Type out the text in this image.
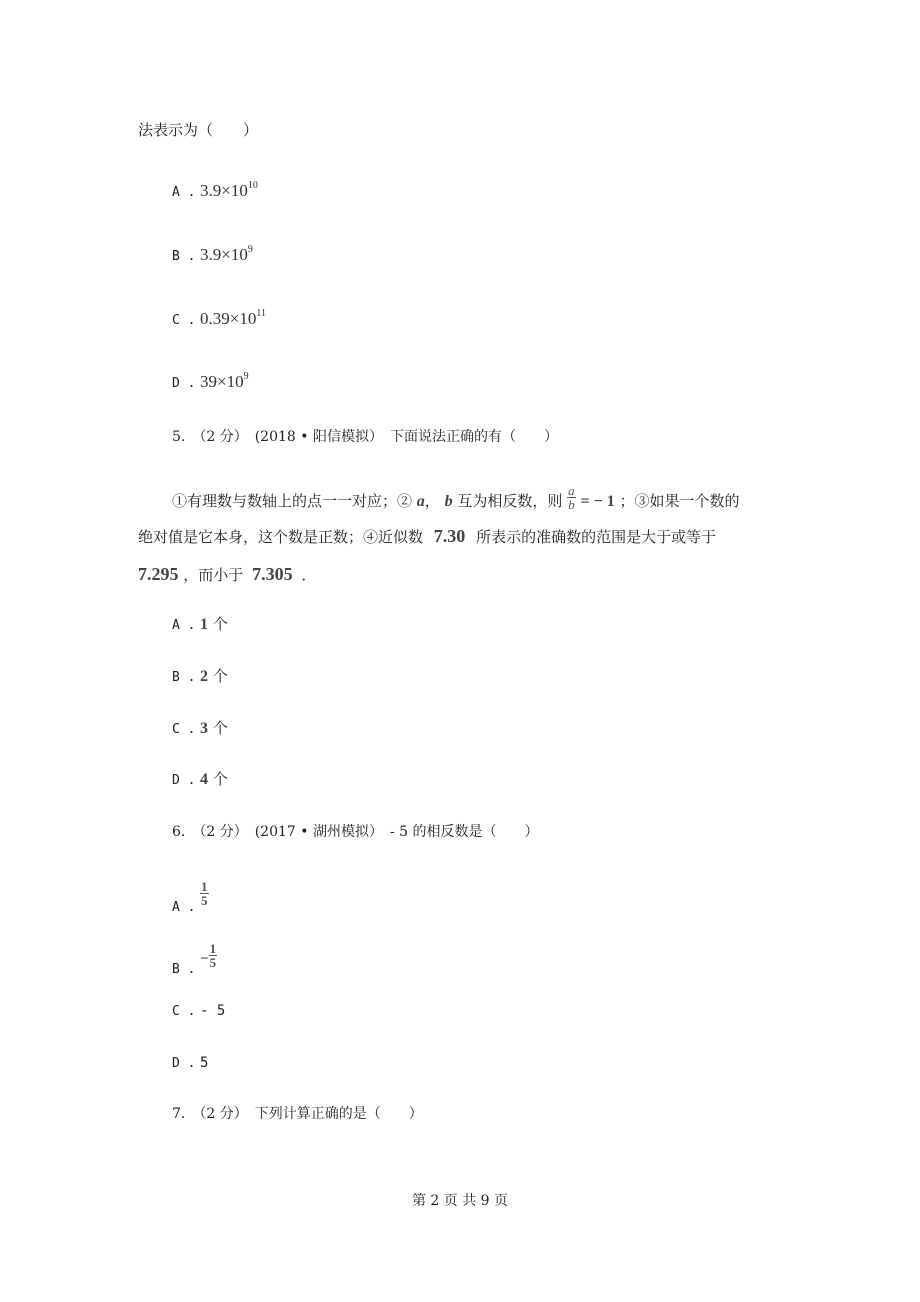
法表示为（　　）
A . $3.9\times 10^{10}$
B . $3.9\times 10^9$
C . $0.39\times 10^{11}$
D . $39\times 10^9$
5.　（2 分）　(2018 • 阳信模拟）　下面说法正确的有（　　）
①有理数与数轴上的点一一对应；② a， b 互为相反数，则 $\frac{a}{b}$ = − 1 ；③如果一个数的
绝对值是它本身，这个数是正数；④近似数 7.30 所表示的准确数的范围是大于或等于
7.295 ，而小于 7.305 ．
A . 1 个
B . 2 个
C . 3 个
D . 4 个
6.　（2 分）　(2017 • 湖州模拟）　- 5 的相反数是（　　）
A .
$\frac{1}{5}$
B .− $\frac{1}{5}$
C . - 5
D . 5
7.　（2 分）　下列计算正确的是（　　）
第 2 页 共 9 页
